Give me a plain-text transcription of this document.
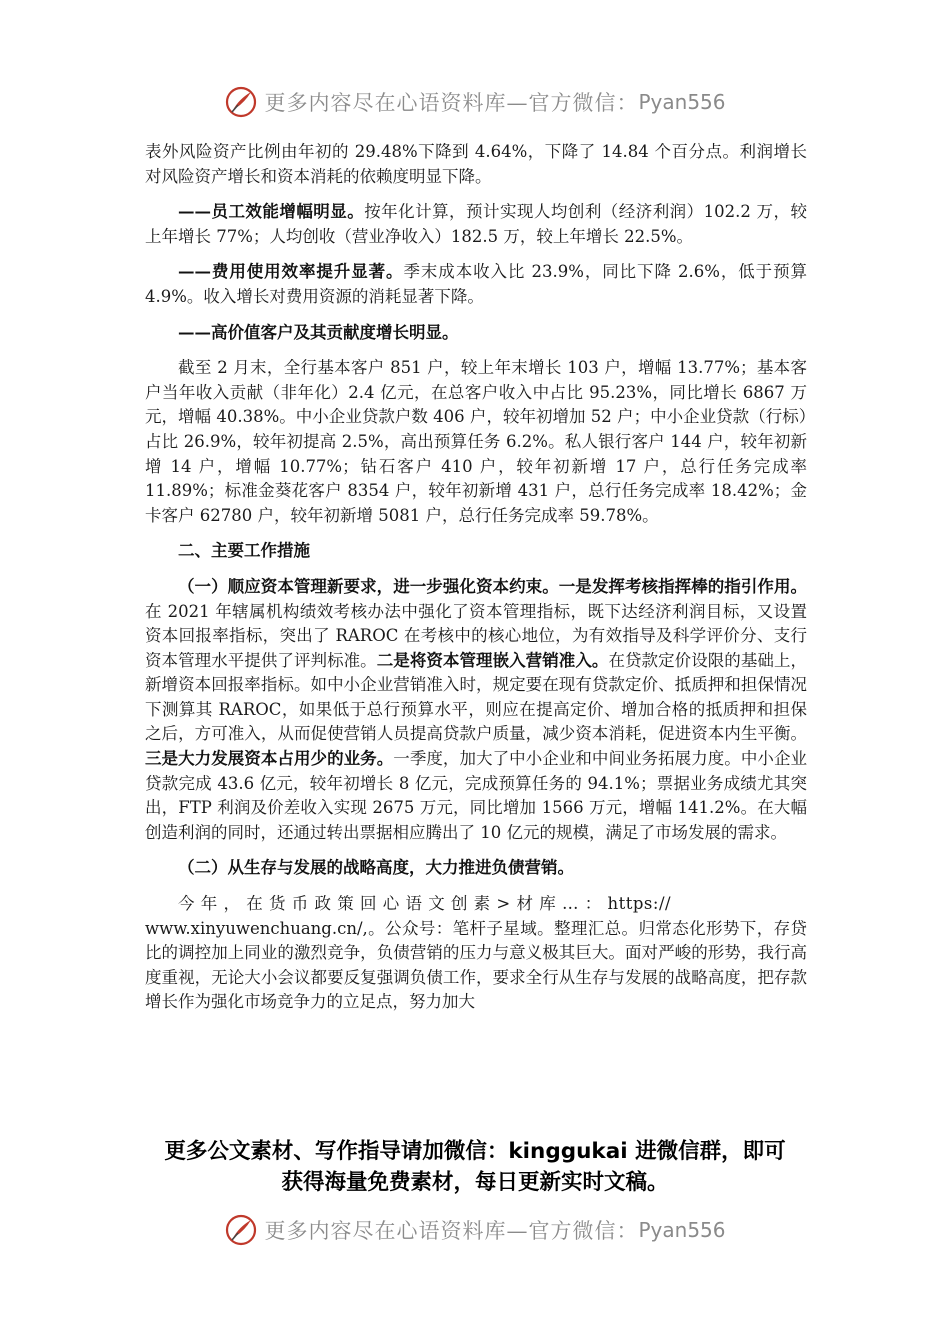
更多内容尽在心语资料库—官方微信： Pyan556

表外风险资产比例由年初的 29.48%下降到 4.64%，下降了 14.84 个百分点。利润增长对风险资产增长和资本消耗的依赖度明显下降。

——员工效能增幅明显。按年化计算，预计实现人均创利（经济利润）102.2 万，较上年增长 77%；人均创收（营业净收入）182.5 万，较上年增长 22.5%。

——费用使用效率提升显著。季末成本收入比 23.9%，同比下降 2.6%，低于预算 4.9%。收入增长对费用资源的消耗显著下降。

——高价值客户及其贡献度增长明显。

截至 2 月末，全行基本客户 851 户，较上年末增长 103 户，增幅 13.77%；基本客户当年收入贡献（非年化）2.4 亿元，在总客户收入中占比 95.23%，同比增长 6867 万元，增幅 40.38%。中小企业贷款户数 406 户，较年初增加 52 户；中小企业贷款（行标）占比 26.9%，较年初提高 2.5%，高出预算任务 6.2%。私人银行客户 144 户，较年初新增 14 户，增幅 10.77%；钻石客户 410 户，较年初新增 17 户，总行任务完成率 11.89%；标准金葵花客户 8354 户，较年初新增 431 户，总行任务完成率 18.42%；金卡客户 62780 户，较年初新增 5081 户，总行任务完成率 59.78%。

二、主要工作措施

（一）顺应资本管理新要求，进一步强化资本约束。一是发挥考核指挥棒的指引作用。在 2021 年辖属机构绩效考核办法中强化了资本管理指标，既下达经济利润目标，又设置资本回报率指标，突出了 RAROC 在考核中的核心地位，为有效指导及科学评价分、支行资本管理水平提供了评判标准。二是将资本管理嵌入营销准入。在贷款定价设限的基础上，新增资本回报率指标。如中小企业营销准入时，规定要在现有贷款定价、抵质押和担保情况下测算其 RAROC，如果低于总行预算水平，则应在提高定价、增加合格的抵质押和担保之后，方可准入，从而促使营销人员提高贷款户质量，减少资本消耗，促进资本内生平衡。三是大力发展资本占用少的业务。一季度，加大了中小企业和中间业务拓展力度。中小企业贷款完成 43.6 亿元，较年初增长 8 亿元，完成预算任务的 94.1%；票据业务成绩尤其突出，FTP 利润及价差收入实现 2675 万元，同比增加 1566 万元，增幅 141.2%。在大幅创造利润的同时，还通过转出票据相应腾出了 10 亿元的规模，满足了市场发展的需求。

（二）从生存与发展的战略高度，大力推进负债营销。

今 年 ， 在 货 币 政 策 回 心 语 文 创 素 > 材 库 … ： https://

www.xinyuwenchuang.cn/,。公众号：笔杆子星域。整理汇总。归常态化形势下，存贷比的调控加上同业的激烈竞争，负债营销的压力与意义极其巨大。面对严峻的形势，我行高度重视，无论大小会议都要反复强调负债工作，要求全行从生存与发展的战略高度，把存款增长作为强化市场竞争力的立足点，努力加大

更多公文素材、写作指导请加微信：kinggukai 进微信群，即可
获得海量免费素材，每日更新实时文稿。
更多内容尽在心语资料库—官方微信： Pyan556
